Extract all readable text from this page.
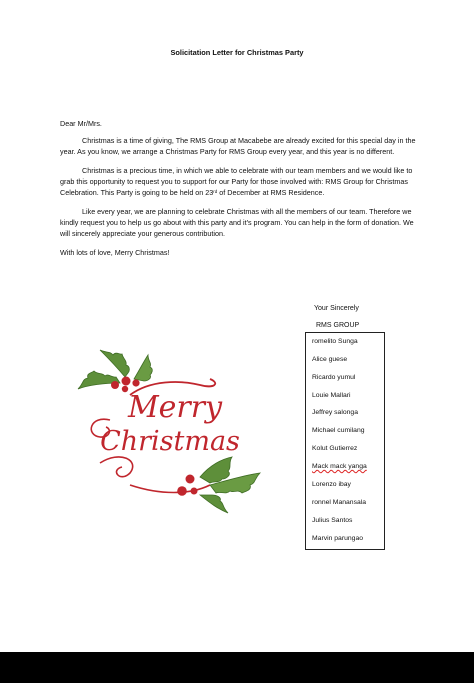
Solicitation Letter for Christmas Party

Dear Mr/Mrs.

Christmas is a time of giving, The RMS Group at Macabebe are already excited for this special day in the year. As you know, we arrange a Christmas Party for RMS Group every year, and this year is no different.

Christmas is a precious time, in which we able to celebrate with our team members and we would like to grab this opportunity to request you to support for our Party for those involved with: RMS Group for Christmas Celebration. This Party is going to be held on 23rd of December at RMS Residence.

Like every year, we are planning to celebrate Christmas with all the members of our team. Therefore we kindly request you to help us go about with this party and it's program. You can help in the form of donation. We will sincerely appreciate your generous contribution.

With lots of love, Merry Christmas!

Your Sincerely
RMS GROUP
romelito Sunga
Alice guese
Ricardo yumul
Louie Mallari
Jeffrey salonga
Michael cumilang
Kolut Gutierrez
Mack mack yanga
Lorenzo ibay
ronnel Manansala
Julius Santos
Marvin parungao
Merry
Christmas
